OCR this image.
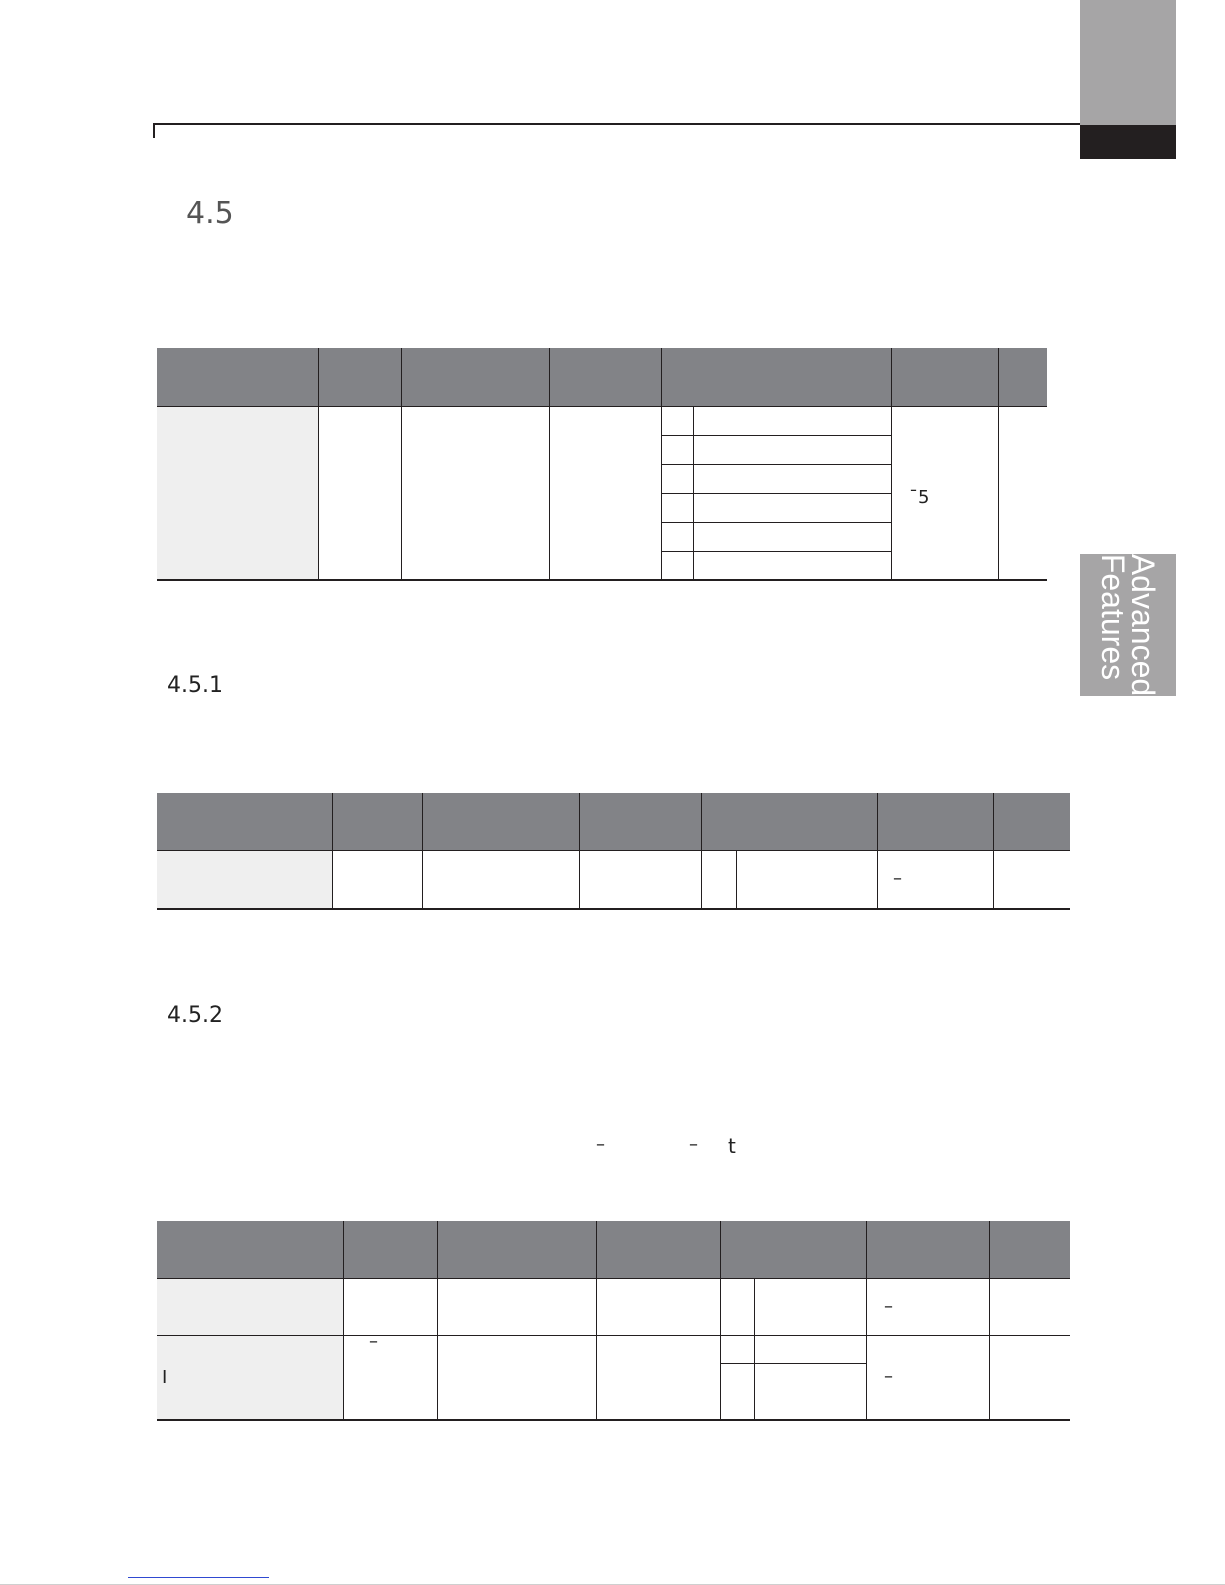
Advanced
Features
4.5
4.5.1
4.5.2
¯5
–
–	– t
–
–
I	–
